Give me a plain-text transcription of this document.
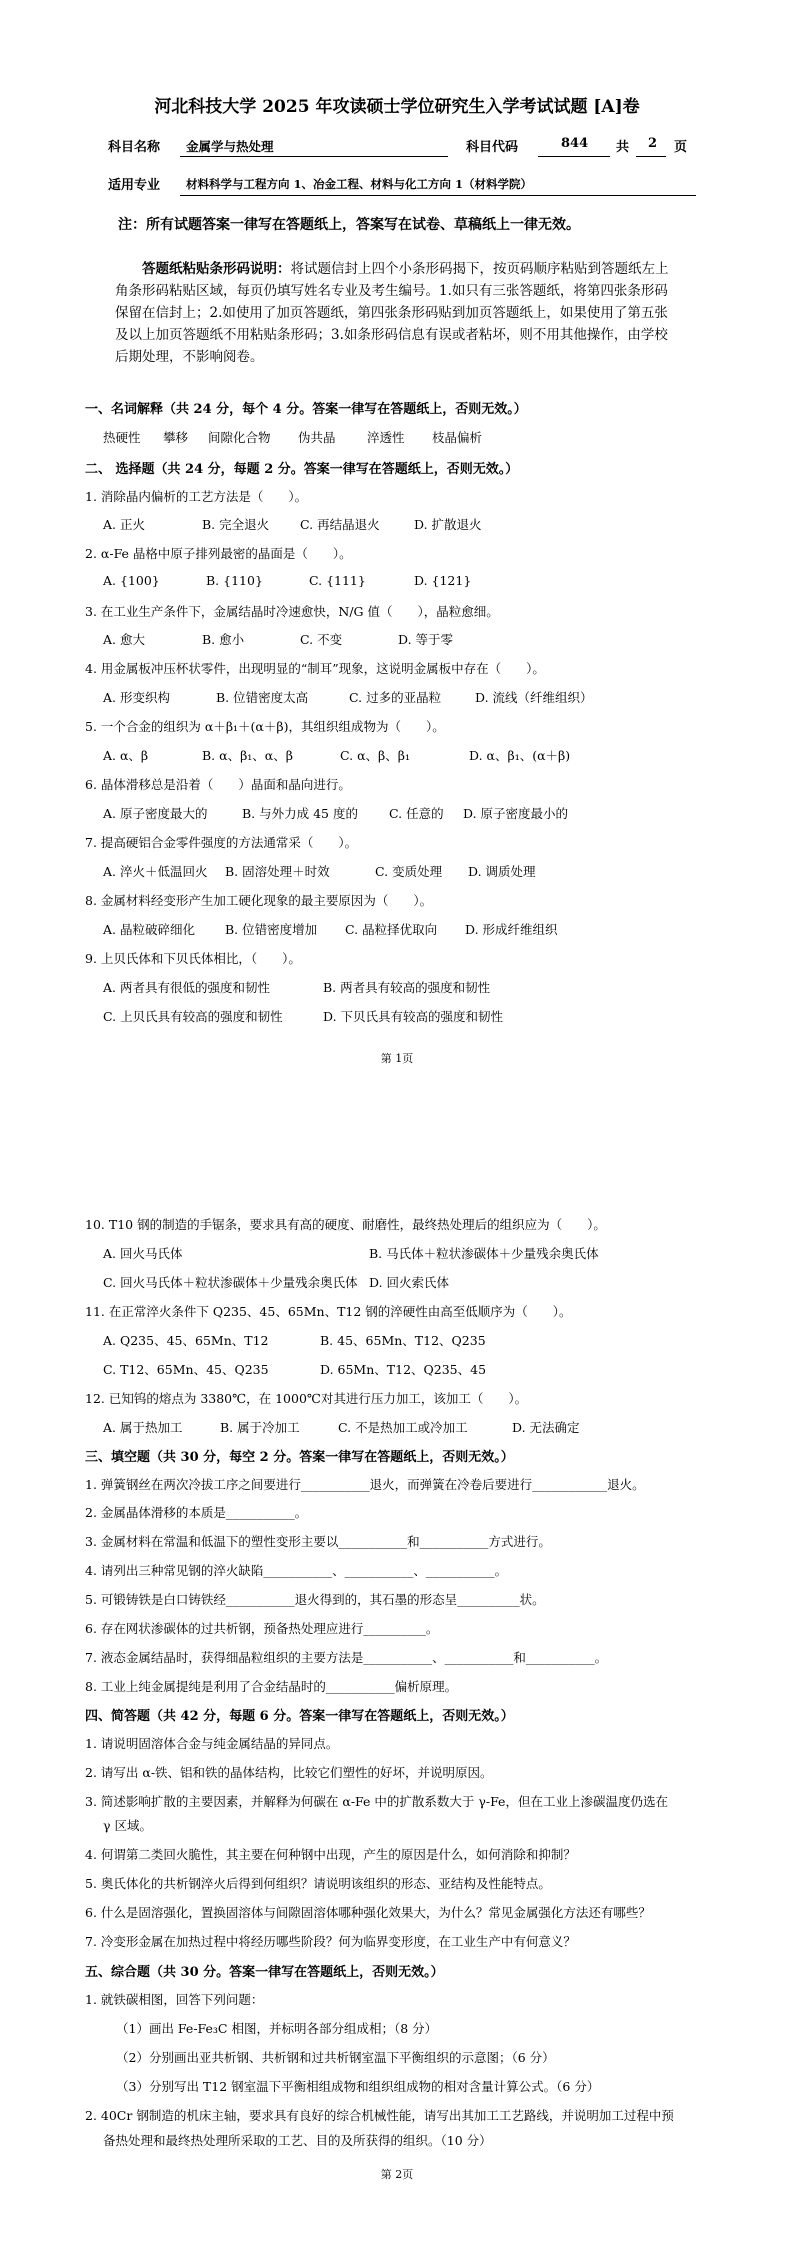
河北科技大学 2025 年攻读硕士学位研究生入学考试试题 [A]卷
科目名称 金属学与热处理	科目代码	844 共 2 页
适用专业 材料科学与工程方向 1、冶金工程、材料与化工方向 1（材料学院）
注：所有试题答案一律写在答题纸上，答案写在试卷、草稿纸上一律无效。
答题纸粘贴条形码说明：将试题信封上四个小条形码揭下，按页码顺序粘贴到答题纸左上
角条形码粘贴区域，每页仍填写姓名专业及考生编号。1.如只有三张答题纸，将第四张条形码
保留在信封上；2.如使用了加页答题纸，第四张条形码贴到加页答题纸上，如果使用了第五张
及以上加页答题纸不用粘贴条形码；3.如条形码信息有误或者粘坏，则不用其他操作，由学校
后期处理，不影响阅卷。
一、名词解释（共 24 分，每个 4 分。答案一律写在答题纸上，否则无效。）
热硬性 攀移 间隙化合物 伪共晶	淬透性 枝晶偏析
二、 选择题（共 24 分，每题 2 分。答案一律写在答题纸上，否则无效。）
1. 消除晶内偏析的工艺方法是（　　）。
A. 正火	B. 完全退火 C. 再结晶退火	D. 扩散退火
2. α-Fe 晶格中原子排列最密的晶面是（　　）。
A. {100}	B. {110}	C. {111}	D. {121}
3. 在工业生产条件下，金属结晶时冷速愈快，N/G 值（　　），晶粒愈细。
A. 愈大	B. 愈小	C. 不变	D. 等于零
4. 用金属板冲压杯状零件，出现明显的“制耳”现象，这说明金属板中存在（　　）。
A. 形变织构	B. 位错密度太高	C. 过多的亚晶粒	D. 流线（纤维组织）
5. 一个合金的组织为 α＋β₁＋(α＋β)，其组织组成物为（　　）。
A. α、β	B. α、β₁、α、β	C. α、β、β₁	D. α、β₁、(α＋β)
6. 晶体滑移总是沿着（　　）晶面和晶向进行。
A. 原子密度最大的	B. 与外力成 45 度的 C. 任意的 D. 原子密度最小的
7. 提高硬铝合金零件强度的方法通常采（　　）。
A. 淬火＋低温回火 B. 固溶处理＋时效	C. 变质处理 D. 调质处理
8. 金属材料经变形产生加工硬化现象的最主要原因为（　　）。
A. 晶粒破碎细化 B. 位错密度增加 C. 晶粒择优取向 D. 形成纤维组织
9. 上贝氏体和下贝氏体相比，（　　）。
A. 两者具有很低的强度和韧性	B. 两者具有较高的强度和韧性
C. 上贝氏具有较高的强度和韧性	D. 下贝氏具有较高的强度和韧性
第 1页
10. T10 钢的制造的手锯条，要求具有高的硬度、耐磨性，最终热处理后的组织应为（　　）。
A. 回火马氏体	B. 马氏体＋粒状渗碳体＋少量残余奥氏体
C. 回火马氏体＋粒状渗碳体＋少量残余奥氏体 D. 回火索氏体
11. 在正常淬火条件下 Q235、45、65Mn、T12 钢的淬硬性由高至低顺序为（　　）。
A. Q235、45、65Mn、T12	B. 45、65Mn、T12、Q235
C. T12、65Mn、45、Q235	D. 65Mn、T12、Q235、45
12. 已知钨的熔点为 3380℃，在 1000℃对其进行压力加工，该加工（　　）。
A. 属于热加工	B. 属于冷加工	C. 不是热加工或冷加工	D. 无法确定
三、填空题（共 30 分，每空 2 分。答案一律写在答题纸上，否则无效。）
1. 弹簧钢丝在两次冷拔工序之间要进行___________退火，而弹簧在冷卷后要进行____________退火。
2. 金属晶体滑移的本质是___________。
3. 金属材料在常温和低温下的塑性变形主要以___________和___________方式进行。
4. 请列出三种常见钢的淬火缺陷___________、___________、___________。
5. 可锻铸铁是白口铸铁经___________退火得到的，其石墨的形态呈__________状。
6. 存在网状渗碳体的过共析钢，预备热处理应进行__________。
7. 液态金属结晶时，获得细晶粒组织的主要方法是___________、___________和___________。
8. 工业上纯金属提纯是利用了合金结晶时的___________偏析原理。
四、简答题（共 42 分，每题 6 分。答案一律写在答题纸上，否则无效。）
1. 请说明固溶体合金与纯金属结晶的异同点。
2. 请写出 α-铁、铝和铁的晶体结构，比较它们塑性的好坏，并说明原因。
3. 简述影响扩散的主要因素，并解释为何碳在 α-Fe 中的扩散系数大于 γ-Fe，但在工业上渗碳温度仍选在
γ 区域。
4. 何谓第二类回火脆性，其主要在何种钢中出现，产生的原因是什么，如何消除和抑制？
5. 奥氏体化的共析钢淬火后得到何组织？请说明该组织的形态、亚结构及性能特点。
6. 什么是固溶强化，置换固溶体与间隙固溶体哪种强化效果大，为什么？常见金属强化方法还有哪些？
7. 冷变形金属在加热过程中将经历哪些阶段？何为临界变形度，在工业生产中有何意义？
五、综合题（共 30 分。答案一律写在答题纸上，否则无效。）
1. 就铁碳相图，回答下列问题：
（1）画出 Fe-Fe₃C 相图，并标明各部分组成相；（8 分）
（2）分别画出亚共析钢、共析钢和过共析钢室温下平衡组织的示意图；（6 分）
（3）分别写出 T12 钢室温下平衡相组成物和组织组成物的相对含量计算公式。（6 分）
2. 40Cr 钢制造的机床主轴，要求具有良好的综合机械性能，请写出其加工工艺路线，并说明加工过程中预
备热处理和最终热处理所采取的工艺、目的及所获得的组织。（10 分）
第 2页
